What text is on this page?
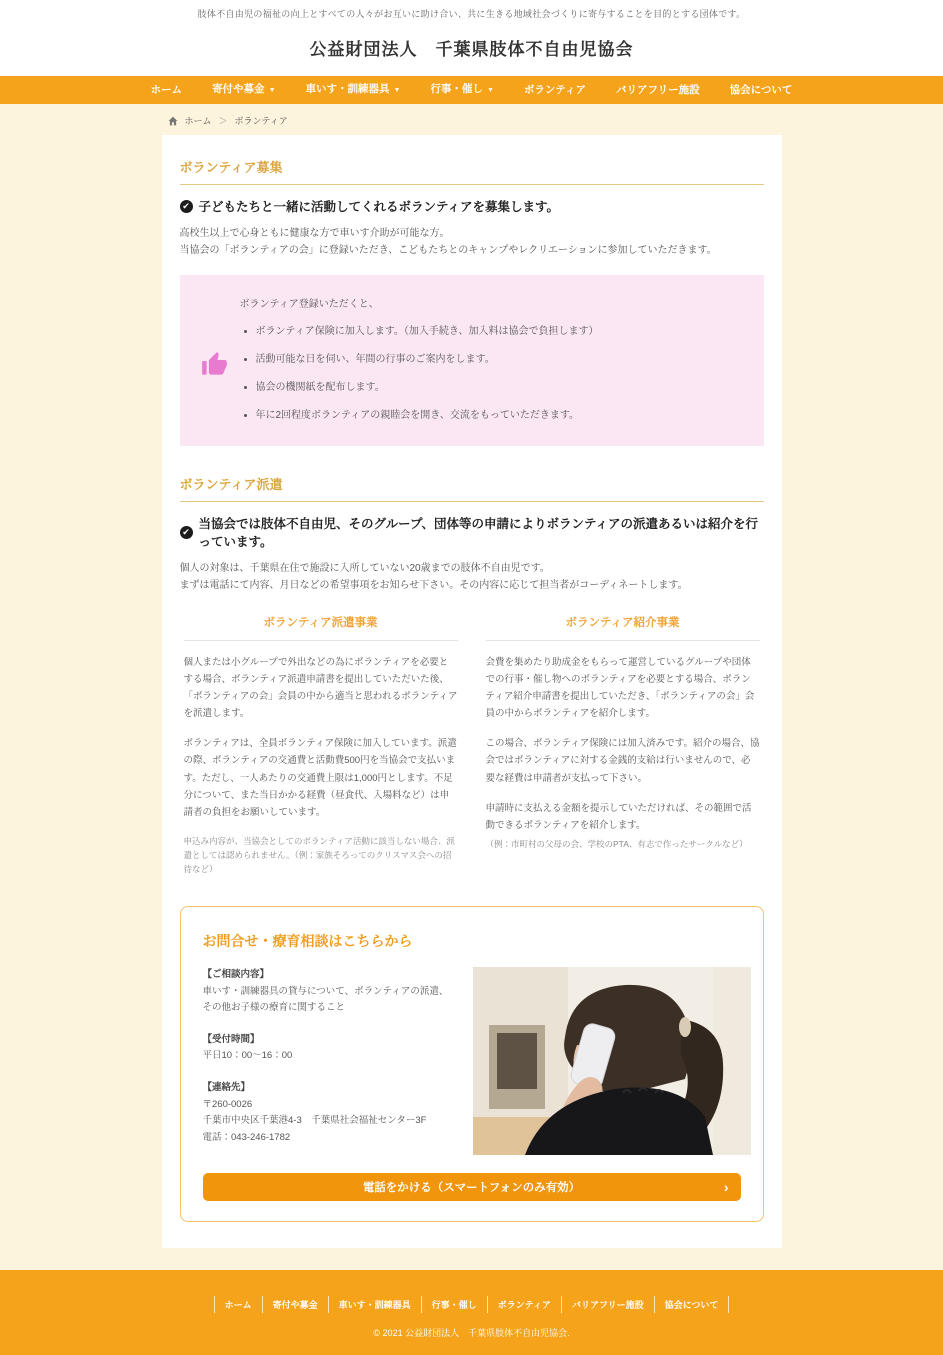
肢体不自由児の福祉の向上とすべての人々がお互いに助け合い、共に生きる地域社会づくりに寄与することを目的とする団体です。
公益財団法人　千葉県肢体不自由児協会
ホーム	寄付や募金 ▼	車いす・訓練器具 ▼	行事・催し ▼	ボランティア	バリアフリー施設	協会について
ホーム ＞ ボランティア
ボランティア募集
✔ 子どもたちと一緒に活動してくれるボランティアを募集します。
高校生以上で心身ともに健康な方で車いす介助が可能な方。
当協会の「ボランティアの会」に登録いただき、こどもたちとのキャンプやレクリエーションに参加していただきます。
ボランティア登録いただくと、
• ボランティア保険に加入します。（加入手続き、加入料は協会で負担します）
• 活動可能な日を伺い、年間の行事のご案内をします。
• 協会の機関紙を配布します。
• 年に2回程度ボランティアの親睦会を開き、交流をもっていただきます。
ボランティア派遣
✔
当協会では肢体不自由児、そのグループ、団体等の申請によりボランティアの派遣あるいは紹介を行っています。
個人の対象は、千葉県在住で施設に入所していない20歳までの肢体不自由児です。
まずは電話にて内容、月日などの希望事項をお知らせ下さい。その内容に応じて担当者がコーディネートします。
ボランティア派遣事業

個人または小グループで外出などの為にボランティアを必要とする場合、ボランティア派遣申請書を提出していただいた後、「ボランティアの会」会員の中から適当と思われるボランティアを派遣します。

ボランティアは、全員ボランティア保険に加入しています。派遣の際、ボランティアの交通費と活動費500円を当協会で支払います。ただし、一人あたりの交通費上限は1,000円とします。不足分について、また当日かかる経費（昼食代、入場料など）は申請者の負担をお願いしています。

申込み内容が、当協会としてのボランティア活動に該当しない場合、派遣としては認められません。（例：家族そろってのクリスマス会への招待など）

ボランティア紹介事業

会費を集めたり助成金をもらって運営しているグループや団体での行事・催し物へのボランティアを必要とする場合、ボランティア紹介申請書を提出していただき、「ボランティアの会」会員の中からボランティアを紹介します。

この場合、ボランティア保険には加入済みです。紹介の場合、協会ではボランティアに対する金銭的支給は行いませんので、必要な経費は申請者が支払って下さい。

申請時に支払える金額を提示していただければ、その範囲で活動できるボランティアを紹介します。

（例：市町村の父母の会、学校のPTA、有志で作ったサークルなど）

お問合せ・療育相談はこちらから
【ご相談内容】
車いす・訓練器具の貸与について、ボランティアの派遣、その他お子様の療育に関すること
【受付時間】
平日10：00～16：00
【連絡先】
〒260-0026
千葉市中央区千葉港4-3　千葉県社会福祉センター3F
電話：043-246-1782
電話をかける（スマートフォンのみ有効）	›
ホーム	寄付や募金	車いす・訓練器具	行事・催し	ボランティア	バリアフリー施設	協会について
© 2021 公益財団法人　千葉県肢体不自由児協会.
